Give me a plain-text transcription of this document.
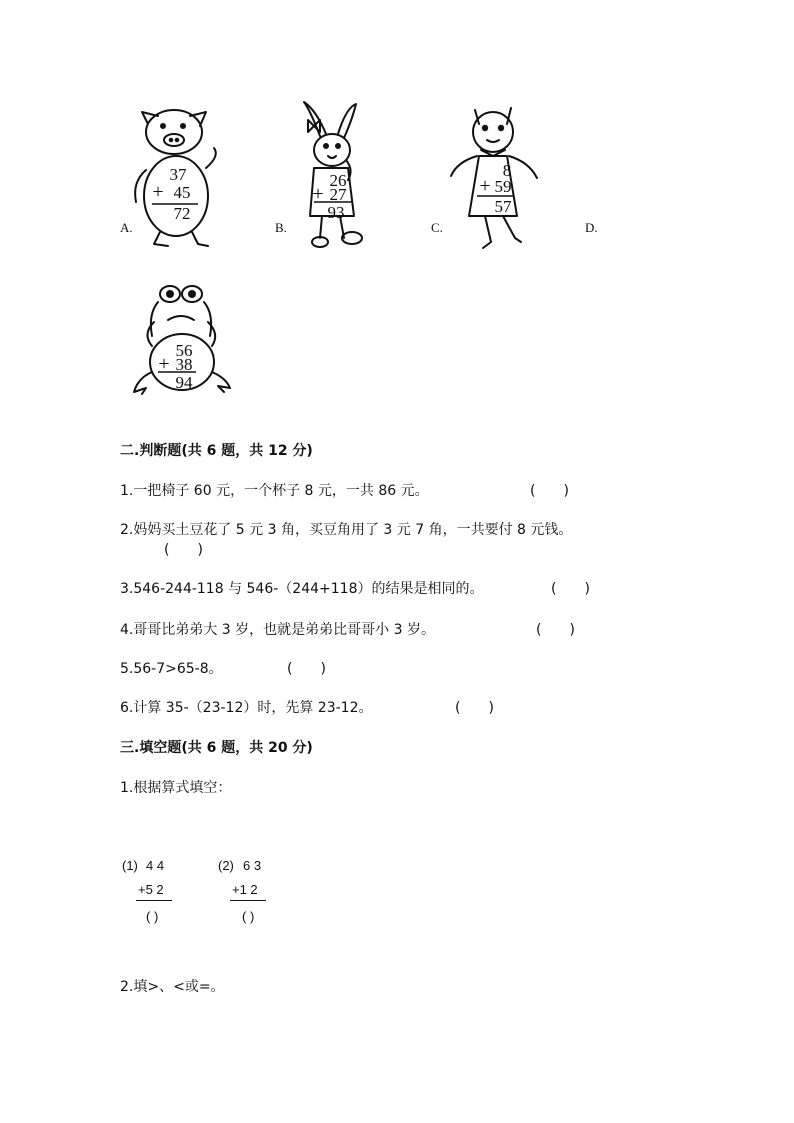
37
+ 45
72
A.
26
+ 27
93
B.
8
+ 59
57
C.	D.
56
+ 38
94
二.判断题(共 6 题，共 12 分)
1.一把椅子 60 元，一个杯子 8 元，一共 86 元。	(　　)
2.妈妈买土豆花了 5 元 3 角，买豆角用了 3 元 7 角，一共要付 8 元钱。
(　　)
3.546-244-118 与 546-（244+118）的结果是相同的。	(　　)
4.哥哥比弟弟大 3 岁，也就是弟弟比哥哥小 3 岁。	(　　)
5.56-7>65-8。	(　　)
6.计算 35-（23-12）时，先算 23-12。	(　　)
三.填空题(共 6 题，共 20 分)
1.根据算式填空：
(1) 4 4
+5 2
( )
(2) 6 3
+1 2
( )
2.填>、<或=。
